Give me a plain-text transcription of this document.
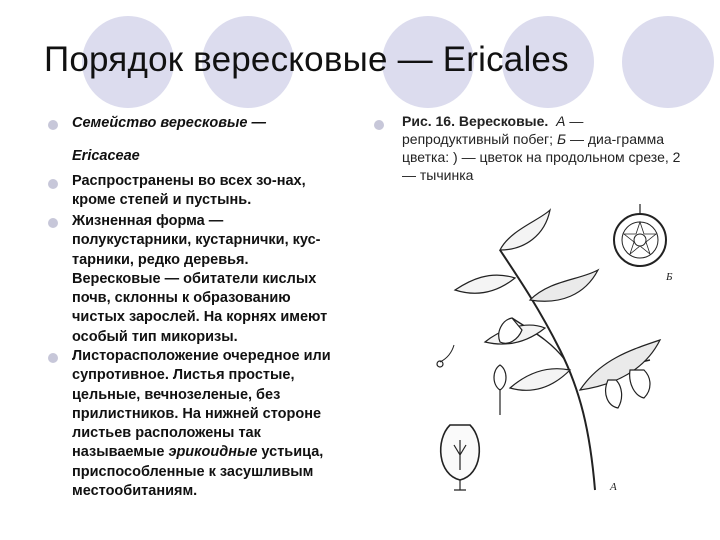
Порядок вересковые — Ericales
Семейство вересковые —
Ericaceae
Распространены во всех зо-нах, кроме степей и пустынь.
Жизненная форма — полукустарники, кустарнички, кус-тарники, редко деревья. Вересковые — обитатели кислых почв, склонны к образованию чистых зарослей. На корнях имеют особый тип микоризы.
Листорасположение очередное или супротивное. Листья простые, цельные, вечнозеленые, без прилистников. На нижней стороне листьев расположены так называемые эрикоидные устьица, приспособленные к засушливым местообитаниям.
Рис. 16. Вересковые. А — репродуктивный побег; Б — диа-грамма цветка: ) — цветок на продольном срезе, 2 — тычинка
Б
А
